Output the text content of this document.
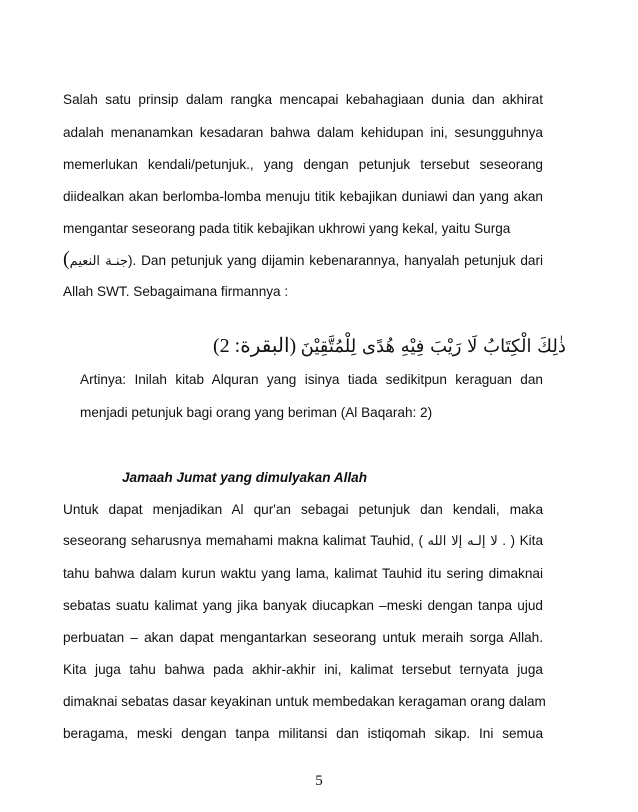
Salah satu prinsip dalam rangka mencapai kebahagiaan dunia dan akhirat
adalah menanamkan kesadaran bahwa dalam kehidupan ini, sesungguhnya
memerlukan kendali/petunjuk., yang dengan petunjuk tersebut seseorang
diidealkan akan berlomba-lomba menuju titik kebajikan duniawi dan yang akan
mengantar seseorang pada titik kebajikan ukhrowi yang kekal, yaitu Surga
(جنـة النعيم). Dan petunjuk yang dijamin kebenarannya, hanyalah petunjuk dari
Allah SWT. Sebagaimana firmannya :
(البقرة: 2) ذٰلِكَ الْكِتَابُ لَا رَيْبَ فِيْهِ هُدًى لِلْمُتَّقِيْنَ
Artinya: Inilah kitab Alquran yang isinya tiada sedikitpun keraguan dan
menjadi petunjuk bagi orang yang beriman (Al Baqarah: 2)
Jamaah Jumat yang dimulyakan Allah
Untuk dapat menjadikan Al qur'an sebagai petunjuk dan kendali, maka
seseorang seharusnya memahami makna kalimat Tauhid, ( لا إلـه إلا الله . ) Kita
tahu bahwa dalam kurun waktu yang lama, kalimat Tauhid itu sering dimaknai
sebatas suatu kalimat yang jika banyak diucapkan –meski dengan tanpa ujud
perbuatan – akan dapat mengantarkan seseorang untuk meraih sorga Allah.
Kita juga tahu bahwa pada akhir-akhir ini, kalimat tersebut ternyata juga
dimaknai sebatas dasar keyakinan untuk membedakan keragaman orang dalam
beragama, meski dengan tanpa militansi dan istiqomah sikap. Ini semua
5
